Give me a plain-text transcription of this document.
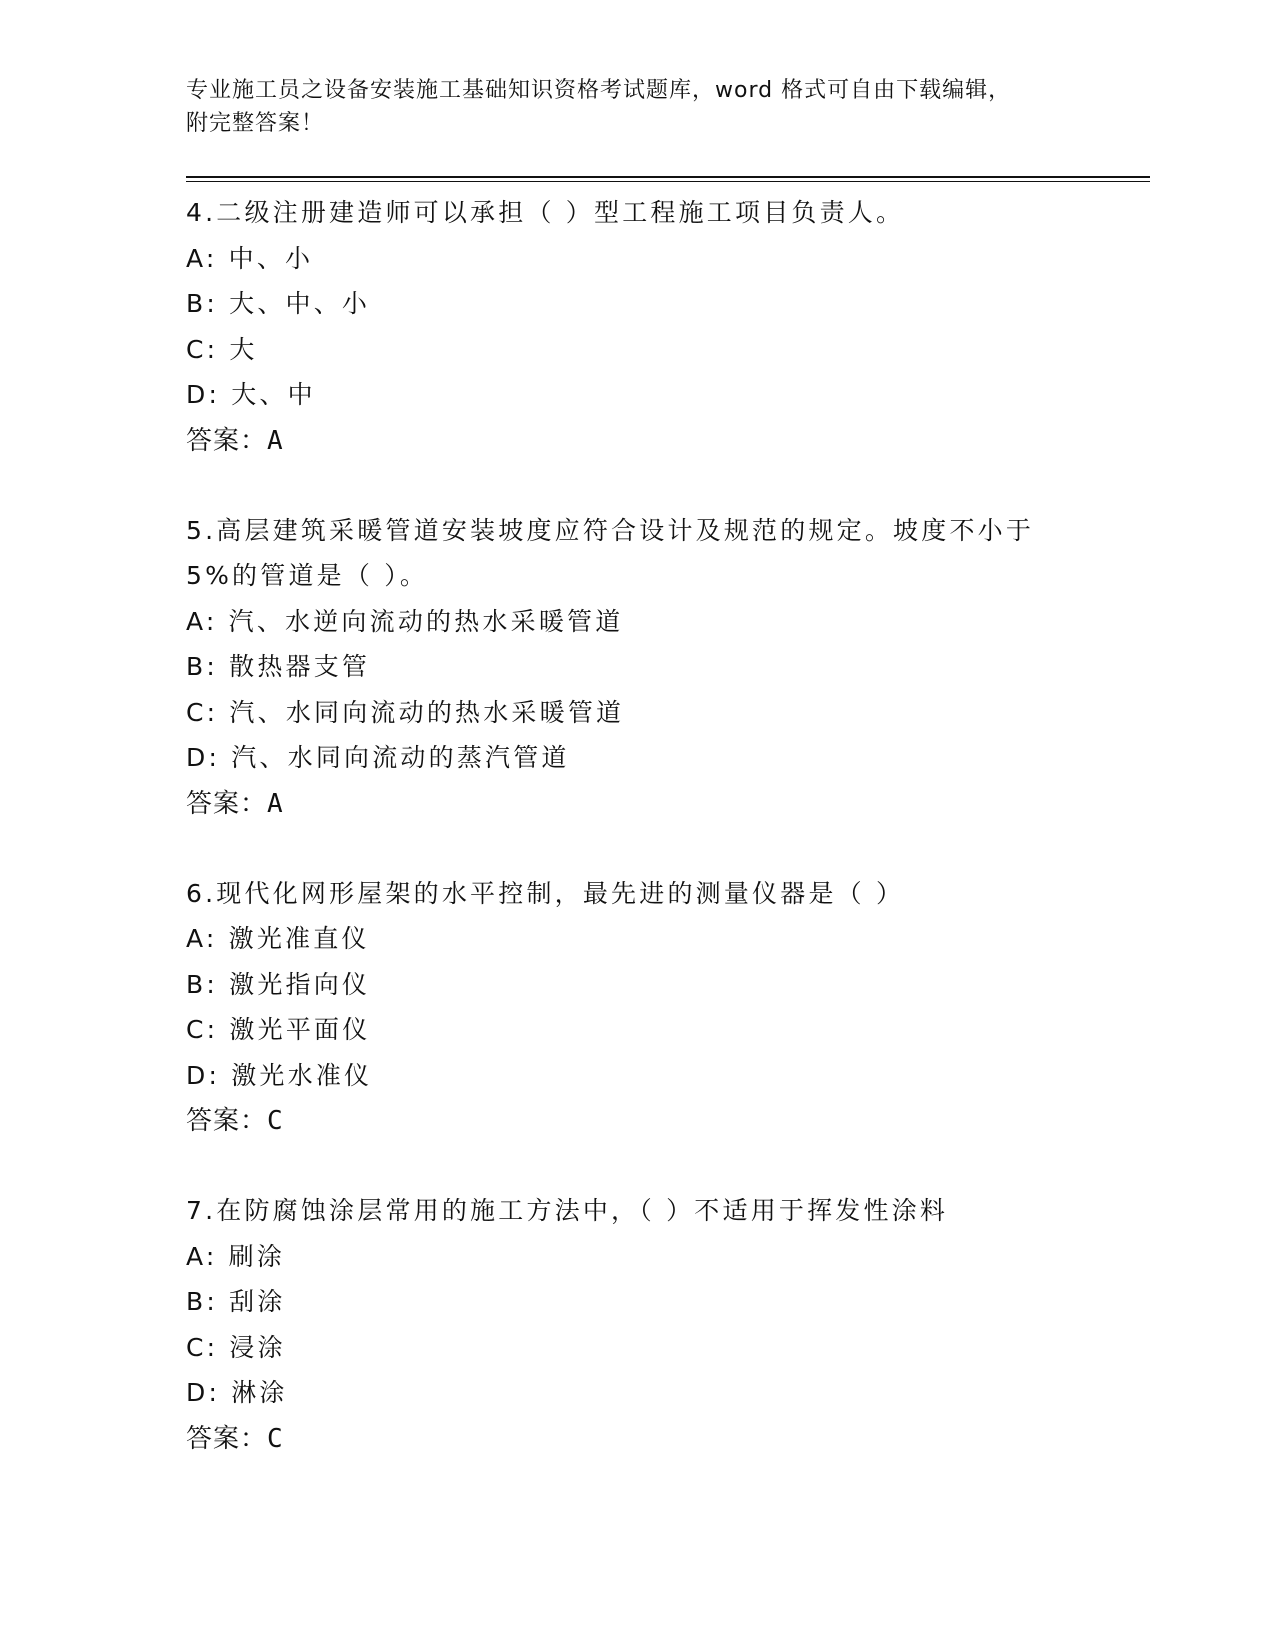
专业施工员之设备安装施工基础知识资格考试题库，word 格式可自由下载编辑，
附完整答案！
4.二级注册建造师可以承担（ ）型工程施工项目负责人。
A: 中、小
B: 大、中、小
C: 大
D: 大、中
答案：A
5.高层建筑采暖管道安装坡度应符合设计及规范的规定。坡度不小于
5%的管道是（ ）。
A: 汽、水逆向流动的热水采暖管道
B: 散热器支管
C: 汽、水同向流动的热水采暖管道
D: 汽、水同向流动的蒸汽管道
答案：A
6.现代化网形屋架的水平控制，最先进的测量仪器是（ ）
A: 激光准直仪
B: 激光指向仪
C: 激光平面仪
D: 激光水准仪
答案：C
7.在防腐蚀涂层常用的施工方法中，（ ）不适用于挥发性涂料
A: 刷涂
B: 刮涂
C: 浸涂
D: 淋涂
答案：C
